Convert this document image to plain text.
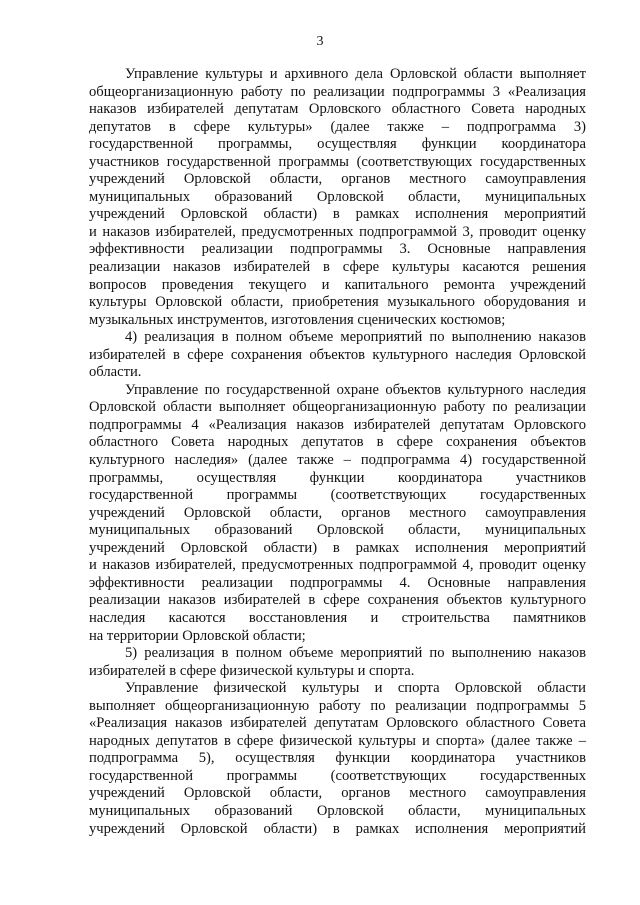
3
Управление культуры и архивного дела Орловской области выполняет
общеорганизационную работу по реализации подпрограммы 3 «Реализация
наказов избирателей депутатам Орловского областного Совета народных
депутатов в сфере культуры» (далее также – подпрограмма 3)
государственной программы, осуществляя функции координатора
участников государственной программы (соответствующих государственных
учреждений Орловской области, органов местного самоуправления
муниципальных образований Орловской области, муниципальных
учреждений Орловской области) в рамках исполнения мероприятий
и наказов избирателей, предусмотренных подпрограммой 3, проводит оценку
эффективности реализации подпрограммы 3. Основные направления
реализации наказов избирателей в сфере культуры касаются решения
вопросов проведения текущего и капитального ремонта учреждений
культуры Орловской области, приобретения музыкального оборудования и
музыкальных инструментов, изготовления сценических костюмов;
4) реализация в полном объеме мероприятий по выполнению наказов
избирателей в сфере сохранения объектов культурного наследия Орловской
области.
Управление по государственной охране объектов культурного наследия
Орловской области выполняет общеорганизационную работу по реализации
подпрограммы 4 «Реализация наказов избирателей депутатам Орловского
областного Совета народных депутатов в сфере сохранения объектов
культурного наследия» (далее также – подпрограмма 4) государственной
программы, осуществляя функции координатора участников
государственной программы (соответствующих государственных
учреждений Орловской области, органов местного самоуправления
муниципальных образований Орловской области, муниципальных
учреждений Орловской области) в рамках исполнения мероприятий
и наказов избирателей, предусмотренных подпрограммой 4, проводит оценку
эффективности реализации подпрограммы 4. Основные направления
реализации наказов избирателей в сфере сохранения объектов культурного
наследия касаются восстановления и строительства памятников
на территории Орловской области;
5) реализация в полном объеме мероприятий по выполнению наказов
избирателей в сфере физической культуры и спорта.
Управление физической культуры и спорта Орловской области
выполняет общеорганизационную работу по реализации подпрограммы 5
«Реализация наказов избирателей депутатам Орловского областного Совета
народных депутатов в сфере физической культуры и спорта» (далее также –
подпрограмма 5), осуществляя функции координатора участников
государственной программы (соответствующих государственных
учреждений Орловской области, органов местного самоуправления
муниципальных образований Орловской области, муниципальных
учреждений Орловской области) в рамках исполнения мероприятий
